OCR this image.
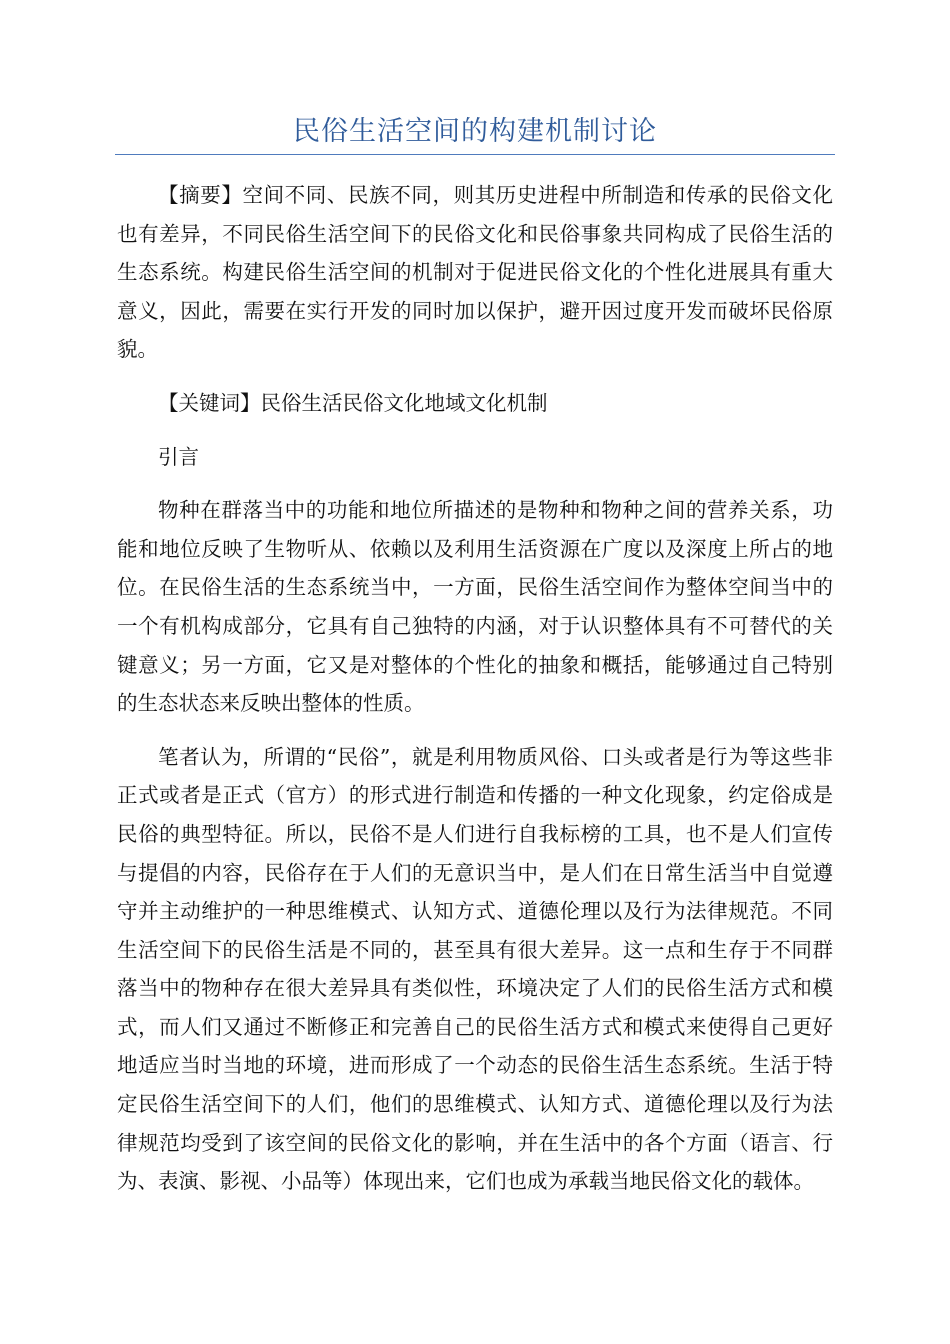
民俗生活空间的构建机制讨论

【摘要】空间不同、民族不同，则其历史进程中所制造和传承的民俗文化也有差异，不同民俗生活空间下的民俗文化和民俗事象共同构成了民俗生活的生态系统。构建民俗生活空间的机制对于促进民俗文化的个性化进展具有重大意义，因此，需要在实行开发的同时加以保护，避开因过度开发而破坏民俗原貌。

【关键词】民俗生活民俗文化地域文化机制

引言

物种在群落当中的功能和地位所描述的是物种和物种之间的营养关系，功能和地位反映了生物听从、依赖以及利用生活资源在广度以及深度上所占的地位。在民俗生活的生态系统当中，一方面，民俗生活空间作为整体空间当中的一个有机构成部分，它具有自己独特的内涵，对于认识整体具有不可替代的关键意义；另一方面，它又是对整体的个性化的抽象和概括，能够通过自己特别的生态状态来反映出整体的性质。

笔者认为，所谓的“民俗”，就是利用物质风俗、口头或者是行为等这些非正式或者是正式（官方）的形式进行制造和传播的一种文化现象，约定俗成是民俗的典型特征。所以，民俗不是人们进行自我标榜的工具，也不是人们宣传与提倡的内容，民俗存在于人们的无意识当中，是人们在日常生活当中自觉遵守并主动维护的一种思维模式、认知方式、道德伦理以及行为法律规范。不同生活空间下的民俗生活是不同的，甚至具有很大差异。这一点和生存于不同群落当中的物种存在很大差异具有类似性，环境决定了人们的民俗生活方式和模式，而人们又通过不断修正和完善自己的民俗生活方式和模式来使得自己更好地适应当时当地的环境，进而形成了一个动态的民俗生活生态系统。生活于特定民俗生活空间下的人们，他们的思维模式、认知方式、道德伦理以及行为法律规范均受到了该空间的民俗文化的影响，并在生活中的各个方面（语言、行为、表演、影视、小品等）体现出来，它们也成为承载当地民俗文化的载体。
